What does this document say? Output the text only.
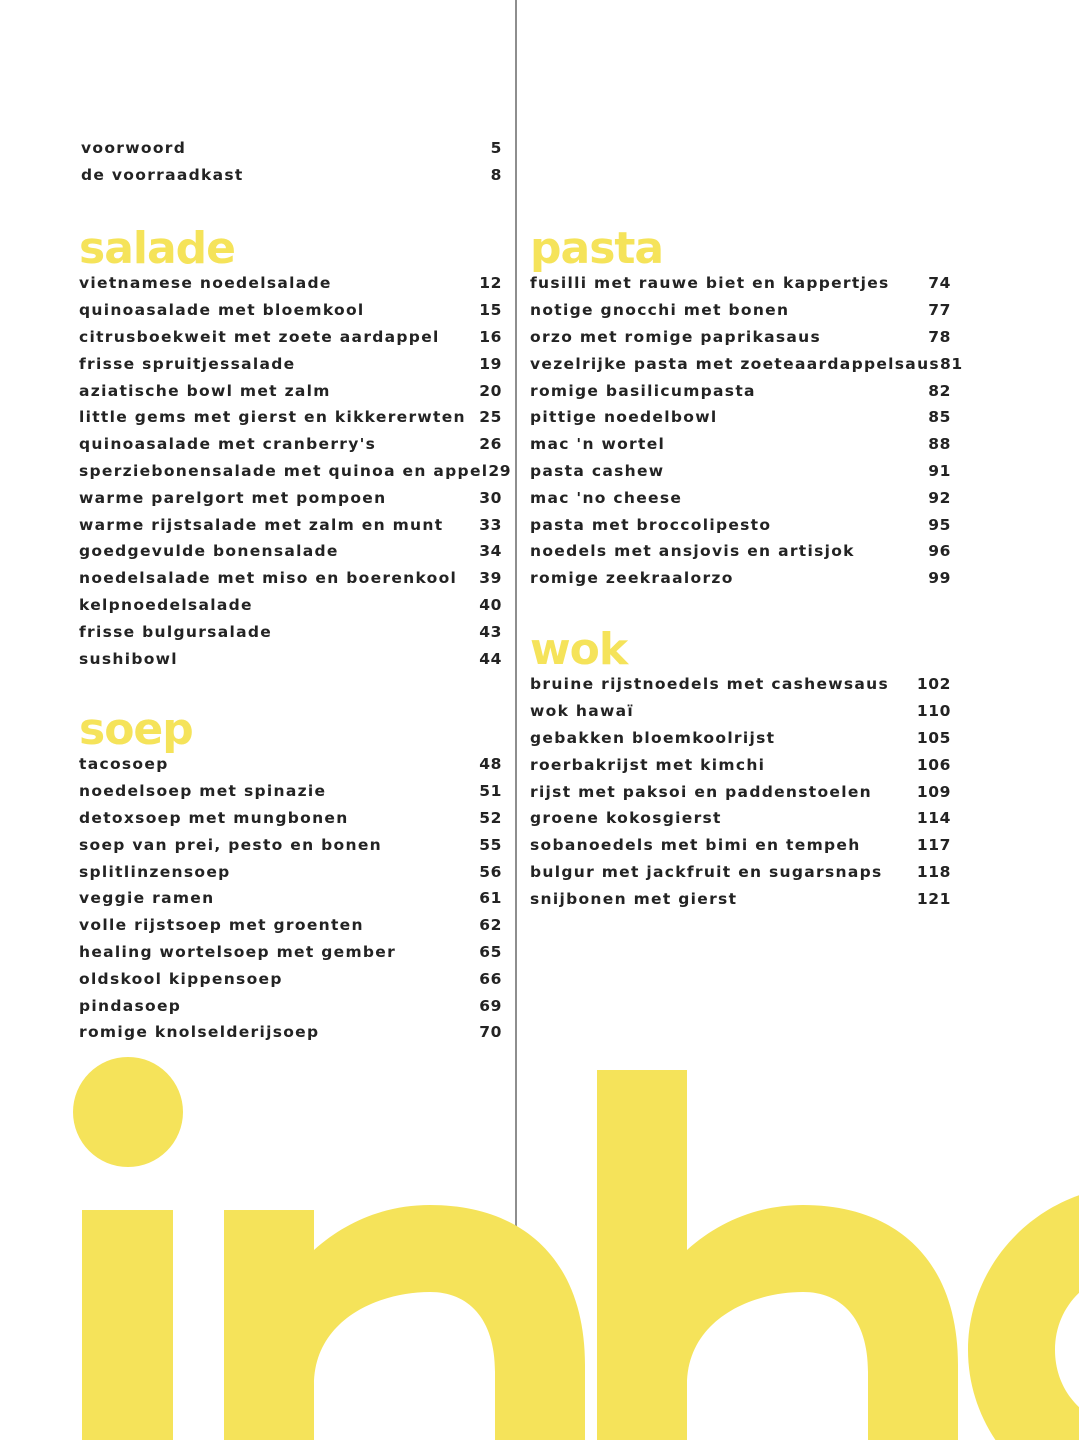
voorwoord	5
de voorraadkast	8
salade
vietnamese noedelsalade	12
quinoasalade met bloemkool	15
citrusboekweit met zoete aardappel	16
frisse spruitjessalade	19
aziatische bowl met zalm	20
little gems met gierst en kikkererwten 25
quinoasalade met cranberry's	26
sperziebonensalade met quinoa en appel 29
warme parelgort met pompoen	30
warme rijstsalade met zalm en munt 33
goedgevulde bonensalade	34
noedelsalade met miso en boerenkool 39
kelpnoedelsalade	40
frisse bulgursalade	43
sushibowl	44
soep
tacosoep	48
noedelsoep met spinazie	51
detoxsoep met mungbonen	52
soep van prei, pesto en bonen	55
splitlinzensoep	56
veggie ramen	61
volle rijstsoep met groenten	62
healing wortelsoep met gember	65
oldskool kippensoep	66
pindasoep	69
romige knolselderijsoep	70
pasta
fusilli met rauwe biet en kappertjes 74
notige gnocchi met bonen	77
orzo met romige paprikasaus	78
vezelrijke pasta met zoeteaardappelsaus 81
romige basilicumpasta	82
pittige noedelbowl	85
mac 'n wortel	88
pasta cashew	91
mac 'no cheese	92
pasta met broccolipesto	95
noedels met ansjovis en artisjok	96
romige zeekraalorzo	99
wok
bruine rijstnoedels met cashewsaus 102
wok hawaï	110
gebakken bloemkoolrijst	105
roerbakrijst met kimchi	106
rijst met paksoi en paddenstoelen	109
groene kokosgierst	114
sobanoedels met bimi en tempeh	117
bulgur met jackfruit en sugarsnaps 118
snijbonen met gierst	121
